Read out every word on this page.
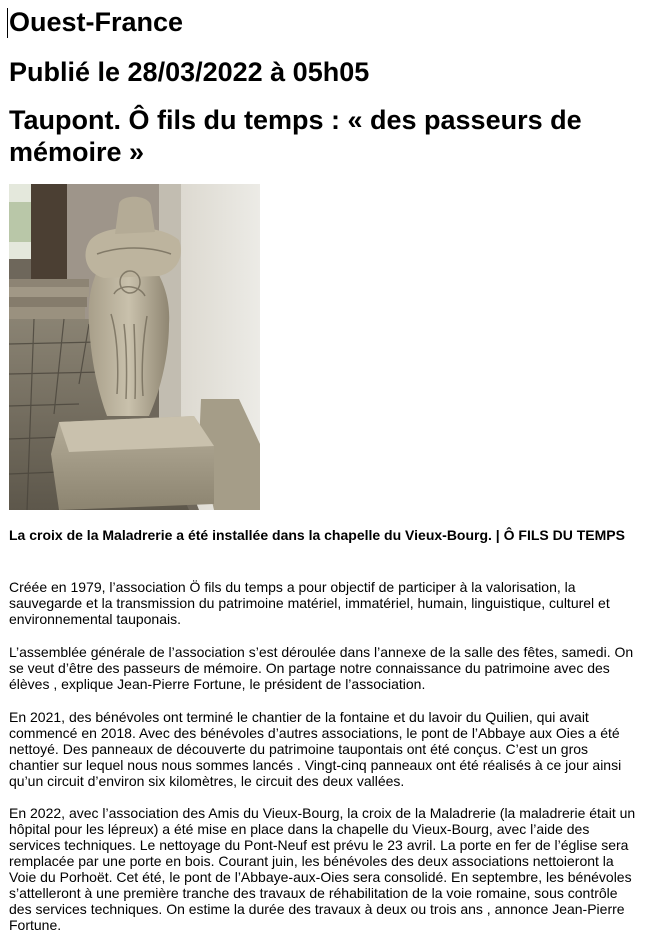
Ouest-France
Publié le 28/03/2022 à 05h05
Taupont. Ô fils du temps : « des passeurs de mémoire »

La croix de la Maladrerie a été installée dans la chapelle du Vieux-Bourg. | Ô FILS DU TEMPS

Créée en 1979, l’association Ö fils du temps a pour objectif de participer à la valorisation, la sauvegarde et la transmission du patrimoine matériel, immatériel, humain, linguistique, culturel et environnemental tauponais.

L’assemblée générale de l’association s’est déroulée dans l’annexe de la salle des fêtes, samedi. On se veut d’être des passeurs de mémoire. On partage notre connaissance du patrimoine avec des élèves , explique Jean-Pierre Fortune, le président de l’association.

En 2021, des bénévoles ont terminé le chantier de la fontaine et du lavoir du Quilien, qui avait commencé en 2018. Avec des bénévoles d’autres associations, le pont de l’Abbaye aux Oies a été nettoyé. Des panneaux de découverte du patrimoine taupontais ont été conçus. C’est un gros chantier sur lequel nous nous sommes lancés . Vingt-cinq panneaux ont été réalisés à ce jour ainsi qu’un circuit d’environ six kilomètres, le circuit des deux vallées.

En 2022, avec l’association des Amis du Vieux-Bourg, la croix de la Maladrerie (la maladrerie était un hôpital pour les lépreux) a été mise en place dans la chapelle du Vieux-Bourg, avec l’aide des services techniques. Le nettoyage du Pont-Neuf est prévu le 23 avril. La porte en fer de l’église sera remplacée par une porte en bois. Courant juin, les bénévoles des deux associations nettoieront la Voie du Porhoët. Cet été, le pont de l’Abbaye-aux-Oies sera consolidé. En septembre, les bénévoles s’attelleront à une première tranche des travaux de réhabilitation de la voie romaine, sous contrôle des services techniques. On estime la durée des travaux à deux ou trois ans , annonce Jean-Pierre Fortune.
